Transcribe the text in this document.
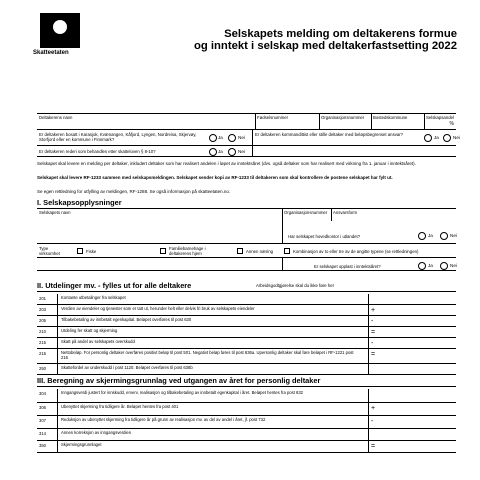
Skatteetaten
Selskapets melding om deltakerens formue
og inntekt i selskap med deltakerfastsetting 2022
Deltakerens navn	Fødselsnummer	Organisasjonsnummer Bostedskommune	Selskapsandel
%
Er deltakeren bosatt i Karasjok, Kvænangen, Kåfjord, Lyngen, Nordreisa, Skjervøy, Storfjord eller en kommune i Finnmark?	Ja	Nei
Er deltakeren kommandittist eller stille deltaker med beløpsbegrenset ansvar?
Ja	Nei
Er deltakeren rederi som behandles etter skatteloven § 8-10?	Ja	Nei
Selskapet skal levere en melding per deltaker, inkludert deltaker som har realisert andelen i løpet av inntektsåret (dvs. også deltaker som har realisert med virkning fra 1. januar i inntektsåret).
Selskapet skal levere RF-1233 sammen med selskapsmeldingen. Selskapet sender kopi av RF-1233 til deltakeren som skal kontrollere de postene selskapet har fylt ut.
Se egen rettledning for utfylling av meldingen, RF-1288. Se også informasjon på skatteetaten.no.
I. Selskapsopplysninger
Selskapets navn	Organisasjonsnummer Ansvarsform
Har selskapet hovedkontor i utlandet?	Ja	Nei
Type virksomhet	Fiske
Familiebarnehage i deltakerens hjem	Annen næring	Kombinasjon av to eller tre av de angitte typene (se rettledningen)
Er selskapet opplast i inntektsåret?	Ja	Nei
II. Utdelinger mv. - fylles ut for alle deltakere	Arbeidsgodtgjørelse skal du ikke føre her
201	Kontante utbetalinger fra selskapet
203	Verdien av eiendeler og tjenester som er tatt ut, herunder helt eller delvis fri bruk av selskapets eiendeler	+
205	Tilbakebetaling av innbetalt egenkapital. Beløpet overføres til post 630	-
210	Utdeling fer skatt og skjerming	=
215	Skatt på andel av selskapets overskudd	-
216	Nettobeløp. For personlig deltaker overføres positivt beløp til post 501. Negativt beløp føres til post 636a. Upersonlig deltaker skal føre beløpet i RF-1221 post 216	=
250	Skattefordel av underskudd i post 1120. Beløpet overføres til post 636b
III. Beregning av skjermingsgrunnlag ved utgangen av året for personlig deltaker
304	Inngangsverdi justert for innskudd, erverv, realisasjon og tilbakebetaling av innbetalt egenkapital i året. Beløpet hentes fra post 632
306	Ubenyttet skjerming fra tidligere år. Beløpet hentes fra post 401	+
307	Reduksjon av ubenyttet skjerming fra tidligere år på grunn av realisasjon mv. av del av andel i året, jf. post 732	-
314	Annen korreksjon av inngangsverdien
350	Skjermingsgrunnlaget	=
